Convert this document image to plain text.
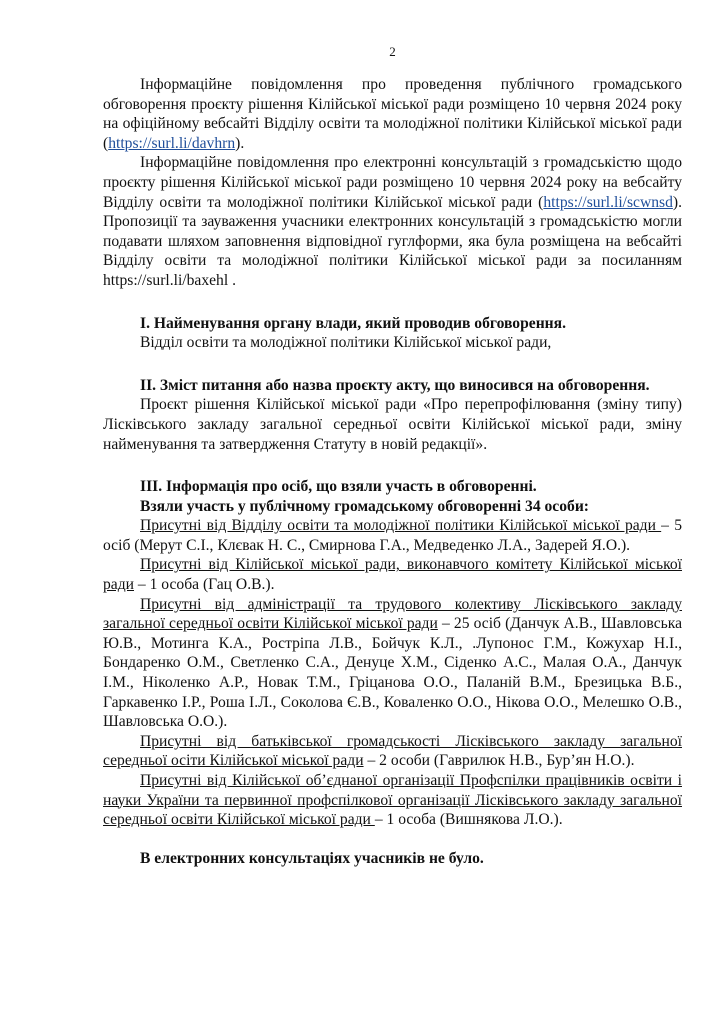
2

Інформаційне повідомлення про проведення публічного громадського обговорення проєкту рішення Кілійської міської ради розміщено 10 червня 2024 року на офіційному вебсайті Відділу освіти та молодіжної політики Кілійської міської ради (https://surl.li/davhrn).

Інформаційне повідомлення про електронні консультацій з громадськістю щодо проєкту рішення Кілійської міської ради розміщено 10 червня 2024 року на вебсайту Відділу освіти та молодіжної політики Кілійської міської ради (https://surl.li/scwnsd). Пропозиції та зауваження учасники електронних консультацій з громадськістю могли подавати шляхом заповнення відповідної гуглформи, яка була розміщена на вебсайті Відділу освіти та молодіжної політики Кілійської міської ради за посиланням https://surl.li/baxehl .

І. Найменування органу влади, який проводив обговорення.

Відділ освіти та молодіжної політики Кілійської міської ради,

ІІ. Зміст питання або назва проєкту акту, що виносився на обговорення.

Проєкт рішення Кілійської міської ради «Про перепрофілювання (зміну типу) Лісківського закладу загальної середньої освіти Кілійської міської ради, зміну найменування та затвердження Статуту в новій редакції».

ІІІ. Інформація про осіб, що взяли участь в обговоренні.

Взяли участь у публічному громадському обговоренні 34 особи:

Присутні від Відділу освіти та молодіжної політики Кілійської міської ради – 5 осіб (Мерут С.І., Клєвак Н. С., Смирнова Г.А., Медведенко Л.А., Задерей Я.О.).

Присутні від Кілійської міської ради, виконавчого комітету Кілійської міської ради – 1 особа (Гац О.В.).

Присутні від адміністрації та трудового колективу Лісківського закладу загальної середньої освіти Кілійської міської ради – 25 осіб (Данчук А.В., Шавловська Ю.В., Мотинга К.А., Ростріпа Л.В., Бойчук К.Л., .Лупонос Г.М., Кожухар Н.І., Бондаренко О.М., Светленко С.А., Денуце Х.М., Сіденко А.С., Малая О.А., Данчук І.М., Ніколенко А.Р., Новак Т.М., Гріцанова О.О., Паланій В.М., Брезицька В.Б., Гаркавенко І.Р., Роша І.Л., Соколова Є.В., Коваленко О.О., Нікова О.О., Мелешко О.В., Шавловська О.О.).

Присутні від батьківської громадськості Лісківського закладу загальної середньої осіти Кілійської міської ради – 2 особи (Гаврилюк Н.В., Бур’ян Н.О.).

Присутні від Кілійської об’єднаної організації Профспілки працівників освіти і науки України та первинної профспілкової організації Лісківського закладу загальної середньої освіти Кілійської міської ради – 1 особа (Вишнякова Л.О.).

В електронних консультаціях учасників не було.
